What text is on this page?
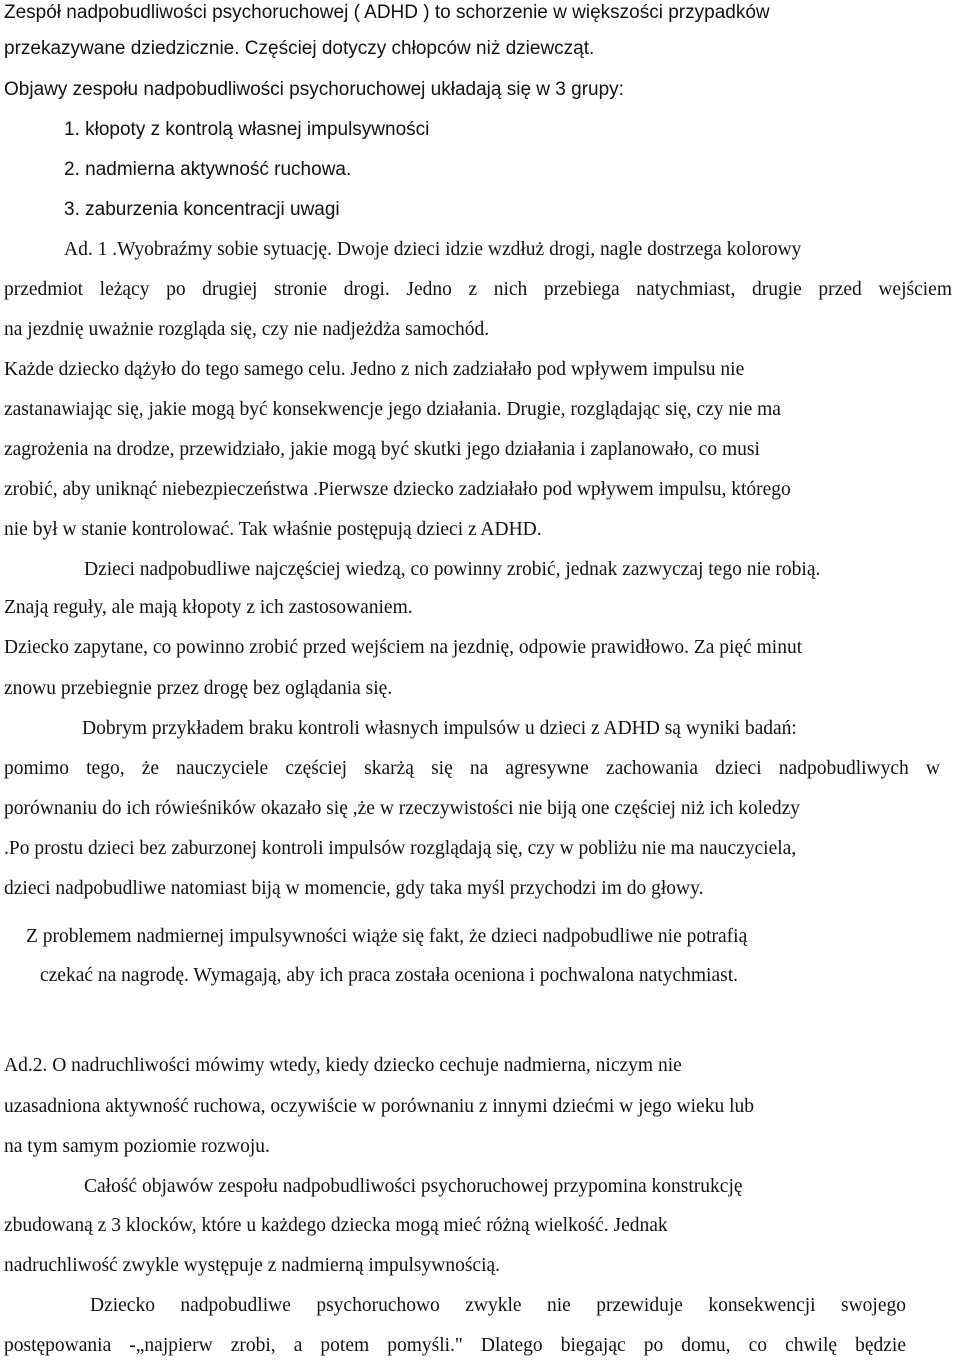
Zespół nadpobudliwości psychoruchowej ( ADHD ) to schorzenie w większości przypadków
przekazywane dziedzicznie. Częściej dotyczy chłopców niż dziewcząt.
Objawy zespołu nadpobudliwości psychoruchowej układają się w 3 grupy:
1. kłopoty z kontrolą własnej impulsywności
2. nadmierna aktywność ruchowa.
3. zaburzenia koncentracji uwagi
Ad. 1 .Wyobraźmy sobie sytuację. Dwoje dzieci idzie wzdłuż drogi, nagle dostrzega kolorowy
przedmiot leżący po drugiej stronie drogi. Jedno z nich przebiega natychmiast, drugie przed wejściem
na jezdnię uważnie rozgląda się, czy nie nadjeżdża samochód.
Każde dziecko dążyło do tego samego celu. Jedno z nich zadziałało pod wpływem impulsu nie
zastanawiając się, jakie mogą być konsekwencje jego działania. Drugie, rozglądając się, czy nie ma
zagrożenia na drodze, przewidziało, jakie mogą być skutki jego działania i zaplanowało, co musi
zrobić, aby uniknąć niebezpieczeństwa .Pierwsze dziecko zadziałało pod wpływem impulsu, którego
nie był w stanie kontrolować. Tak właśnie postępują dzieci z ADHD.
Dzieci nadpobudliwe najczęściej wiedzą, co powinny zrobić, jednak zazwyczaj tego nie robią.
Znają reguły, ale mają kłopoty z ich zastosowaniem.
Dziecko zapytane, co powinno zrobić przed wejściem na jezdnię, odpowie prawidłowo. Za pięć minut
znowu przebiegnie przez drogę bez oglądania się.
Dobrym przykładem braku kontroli własnych impulsów u dzieci z ADHD są wyniki badań:
pomimo tego, że nauczyciele częściej skarżą się na agresywne zachowania dzieci nadpobudliwych w
porównaniu do ich rówieśników okazało się ,że w rzeczywistości nie biją one częściej niż ich koledzy
.Po prostu dzieci bez zaburzonej kontroli impulsów rozglądają się, czy w pobliżu nie ma nauczyciela,
dzieci nadpobudliwe natomiast biją w momencie, gdy taka myśl przychodzi im do głowy.
Z problemem nadmiernej impulsywności wiąże się fakt, że dzieci nadpobudliwe nie potrafią
czekać na nagrodę. Wymagają, aby ich praca została oceniona i pochwalona natychmiast.
Ad.2. O nadruchliwości mówimy wtedy, kiedy dziecko cechuje nadmierna, niczym nie
uzasadniona aktywność ruchowa, oczywiście w porównaniu z innymi dziećmi w jego wieku lub
na tym samym poziomie rozwoju.
Całość objawów zespołu nadpobudliwości psychoruchowej przypomina konstrukcję
zbudowaną z 3 klocków, które u każdego dziecka mogą mieć różną wielkość. Jednak
nadruchliwość zwykle występuje z nadmierną impulsywnością.
Dziecko nadpobudliwe psychoruchowo zwykle nie przewiduje konsekwencji swojego
postępowania -„najpierw zrobi, a potem pomyśli." Dlatego biegając po domu, co chwilę będzie
